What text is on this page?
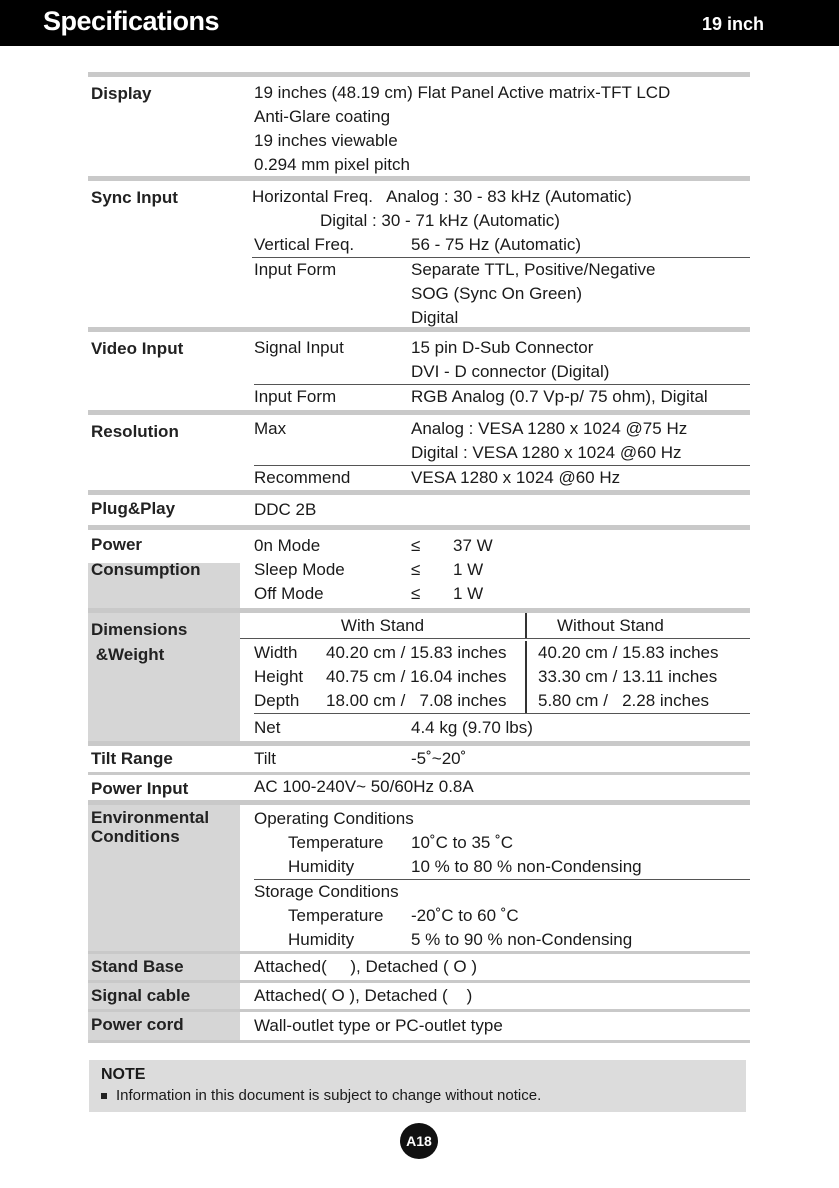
Specifications	19 inch
Display	19 inches (48.19 cm) Flat Panel Active matrix-TFT LCD
Anti-Glare coating
19 inches viewable
0.294 mm pixel pitch
Sync Input	Horizontal Freq.   Analog : 30 - 83 kHz (Automatic)
Digital : 30 - 71 kHz (Automatic)
Vertical Freq.	56 - 75 Hz (Automatic)
Input Form	Separate TTL, Positive/Negative
SOG (Sync On Green)
Digital
Video Input	Signal Input	15 pin D-Sub Connector
DVI - D connector (Digital)
Input Form	RGB Analog (0.7 Vp-p/ 75 ohm), Digital
Resolution	Max	Analog : VESA 1280 x 1024 @75 Hz
Digital : VESA 1280 x 1024 @60 Hz
Recommend	VESA 1280 x 1024 @60 Hz
Plug&Play	DDC 2B
Power
Consumption
0n Mode	≤ 37 W
Sleep Mode	≤ 1 W
Off Mode	≤ 1 W
Dimensions
&Weight
With Stand	Without Stand
Width	40.20 cm / 15.83 inches	40.20 cm / 15.83 inches
Height	40.75 cm / 16.04 inches	33.30 cm / 13.11 inches
Depth	18.00 cm /   7.08 inches	5.80 cm /   2.28 inches
Net	4.4 kg (9.70 lbs)
Tilt Range	Tilt	-5˚~20˚
Power Input	AC 100-240V~ 50/60Hz 0.8A
Environmental
Conditions
Operating Conditions
Temperature 10˚C to 35 ˚C
Humidity	10 % to 80 % non-Condensing
Storage Conditions
Temperature -20˚C to 60 ˚C
Humidity	5 % to 90 % non-Condensing
Stand Base	Attached(     ), Detached ( O )
Signal cable	Attached( O ), Detached (    )
Power cord	Wall-outlet type or PC-outlet type
NOTE
Information in this document is subject to change without notice.
A18
